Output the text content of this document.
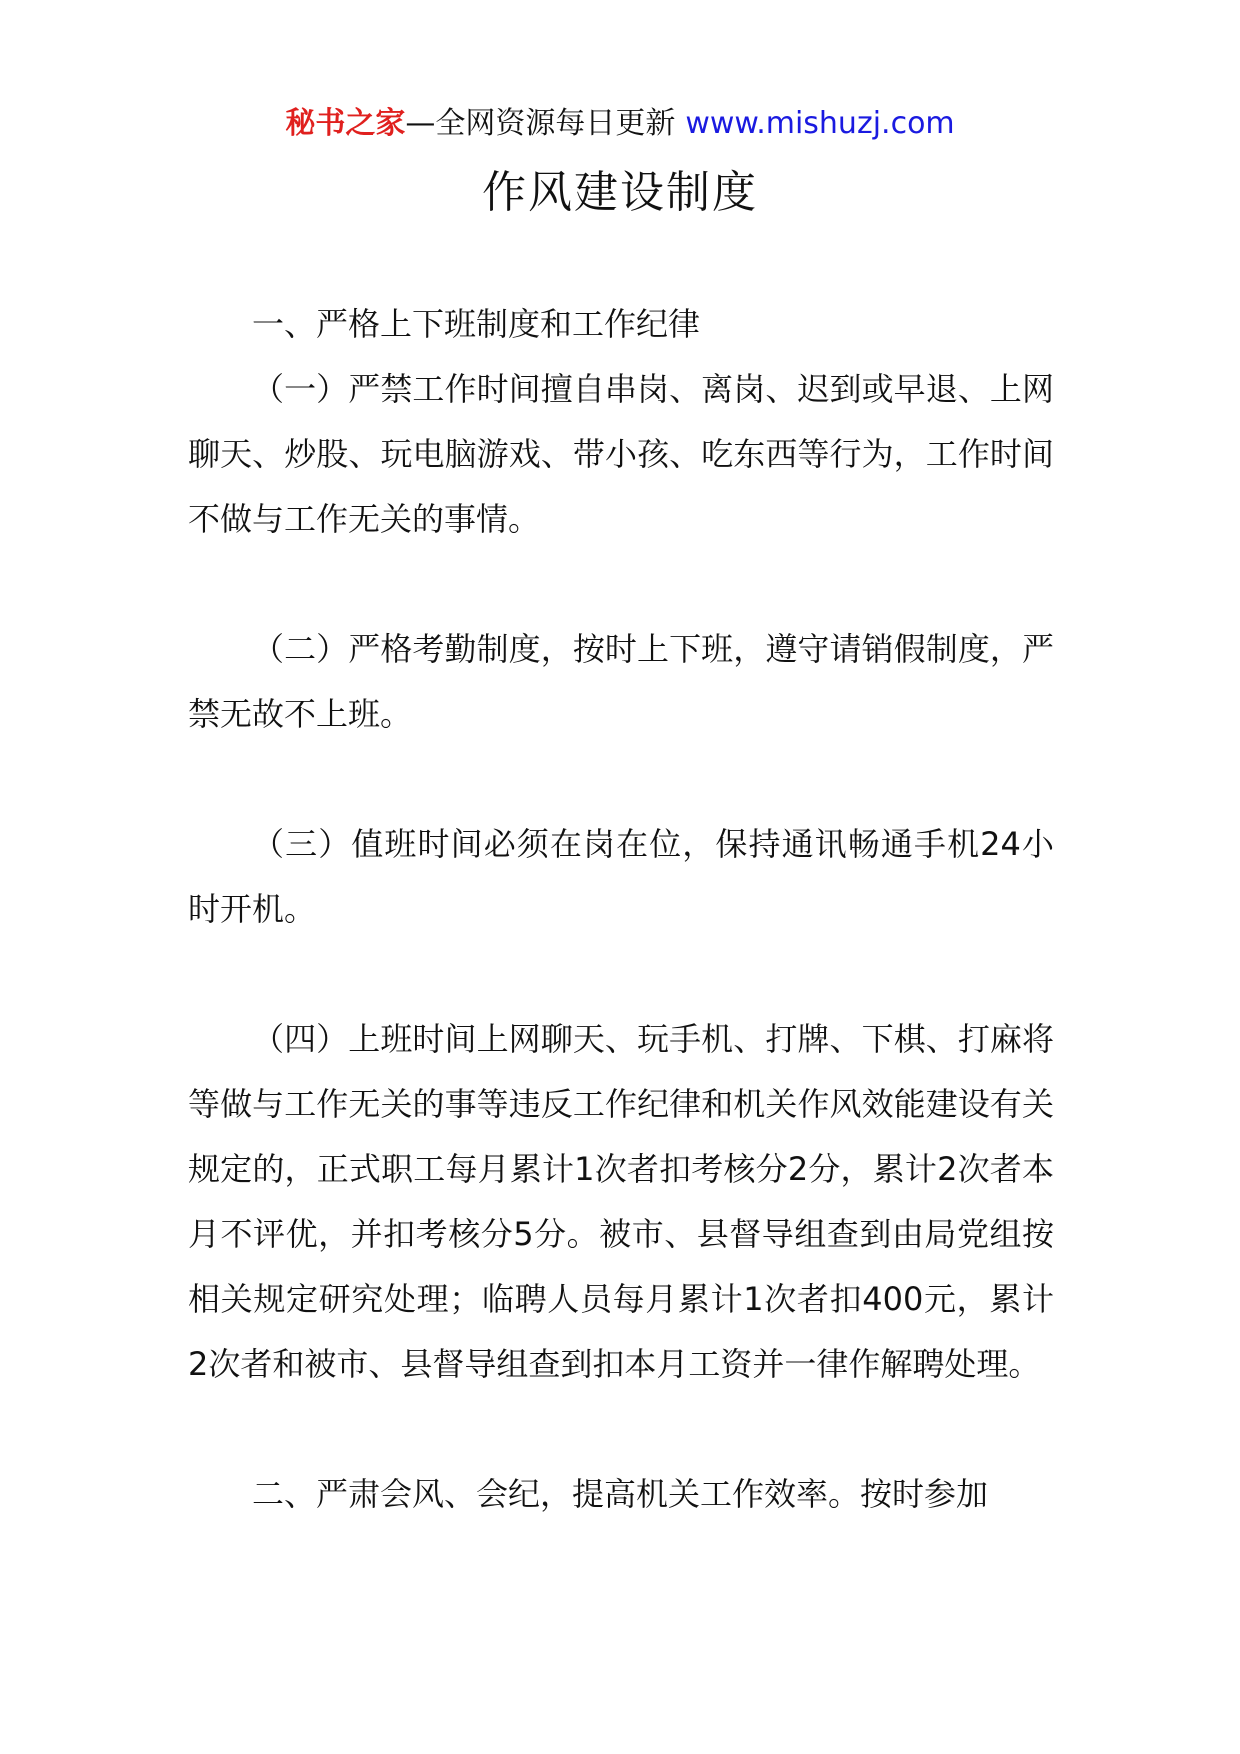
秘书之家—全网资源每日更新 www.mishuzj.com
作风建设制度

一、严格上下班制度和工作纪律

（一）严禁工作时间擅自串岗、离岗、迟到或早退、上网聊天、炒股、玩电脑游戏、带小孩、吃东西等行为，工作时间不做与工作无关的事情。

（二）严格考勤制度，按时上下班，遵守请销假制度，严禁无故不上班。

（三）值班时间必须在岗在位，保持通讯畅通手机24小时开机。

（四）上班时间上网聊天、玩手机、打牌、下棋、打麻将等做与工作无关的事等违反工作纪律和机关作风效能建设有关规定的，正式职工每月累计1次者扣考核分2分，累计2次者本月不评优，并扣考核分5分。被市、县督导组查到由局党组按相关规定研究处理；临聘人员每月累计1次者扣400元，累计2次者和被市、县督导组查到扣本月工资并一律作解聘处理。

二、严肃会风、会纪，提高机关工作效率。按时参加
